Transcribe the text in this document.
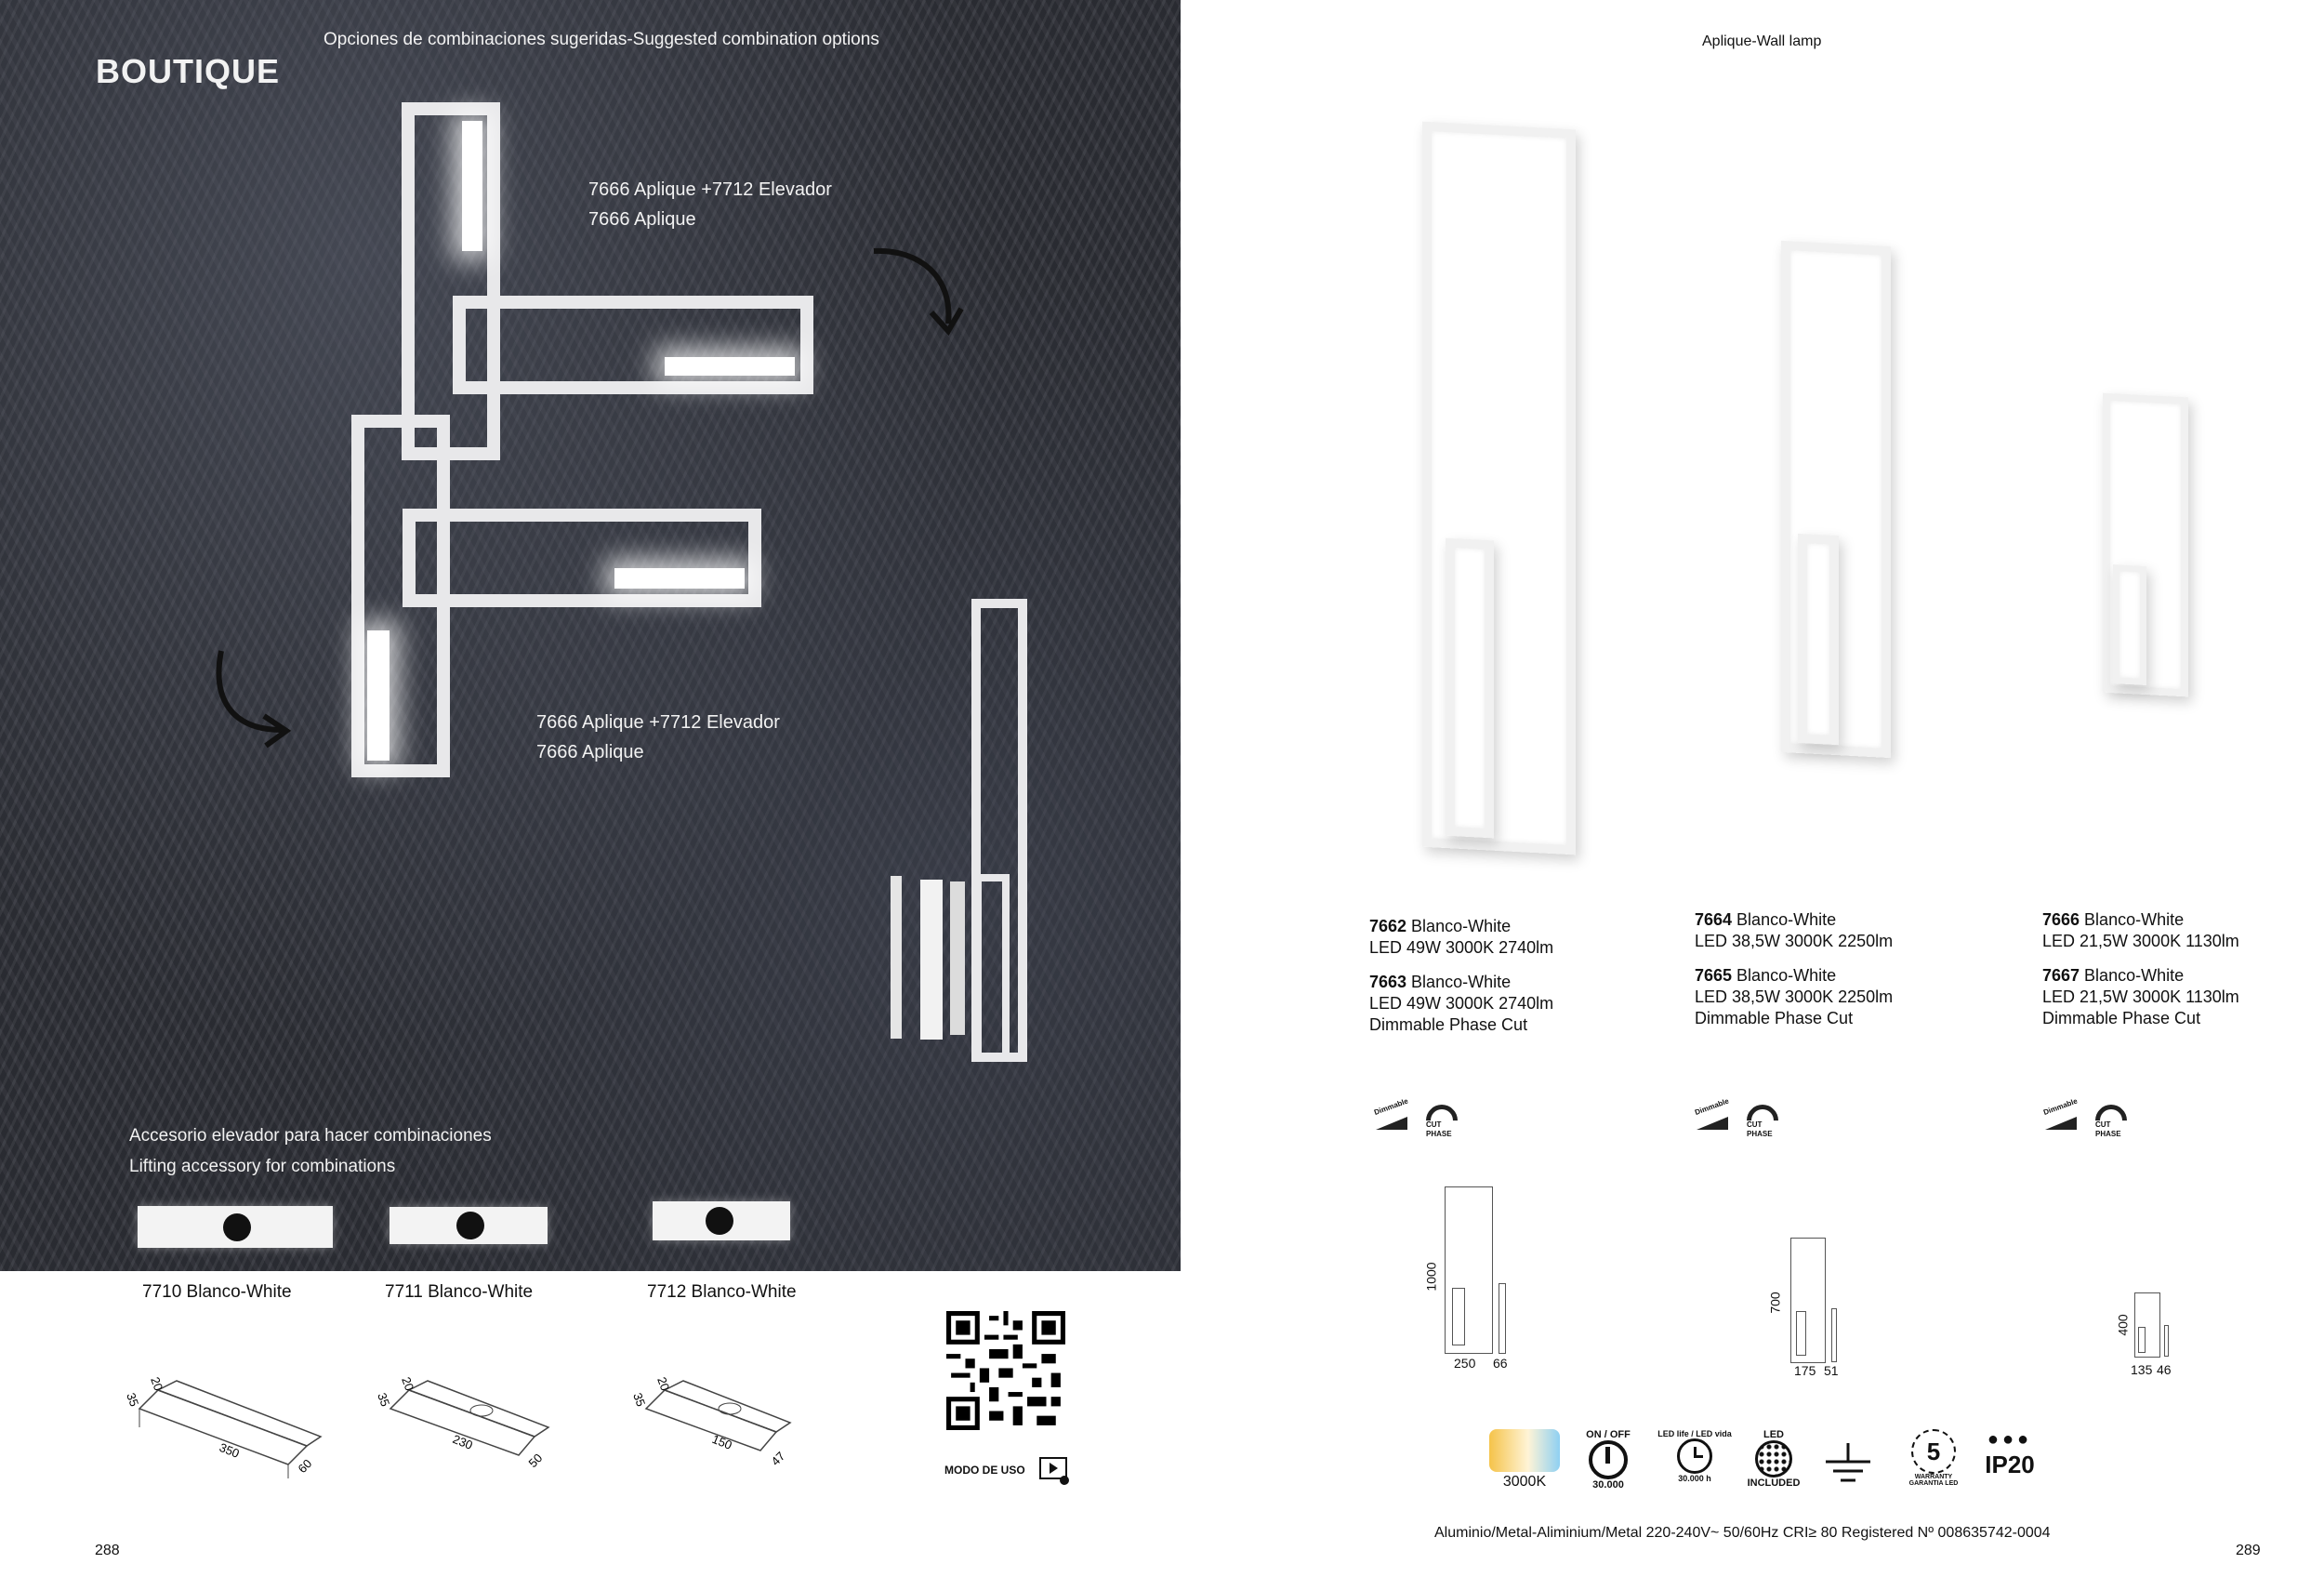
BOUTIQUE
Opciones de combinaciones sugeridas-Suggested combination options
7666 Aplique +7712 Elevador
7666 Aplique
7666 Aplique +7712 Elevador
7666 Aplique
Accesorio elevador para hacer combinaciones
Lifting accessory for combinations
7710 Blanco-White	7711 Blanco-White	7712 Blanco-White
35
20
350
60
35
20
230
50
35
20
150
47
MODO DE USO
288
Aplique-Wall lamp
7662 Blanco-White
LED 49W 3000K 2740lm
7663 Blanco-White
LED 49W 3000K 2740lm
Dimmable Phase Cut
7664 Blanco-White
LED 38,5W 3000K 2250lm
7665 Blanco-White
LED 38,5W 3000K 2250lm
Dimmable Phase Cut
7666 Blanco-White
LED 21,5W 3000K 1130lm
7667 Blanco-White
LED 21,5W 3000K 1130lm
Dimmable Phase Cut
Dimmable
CUT
PHASE
Dimmable
CUT
PHASE
Dimmable
CUT
PHASE
1000
250 66
700
175 51
400
135 46
3000K
ON / OFF
30.000
LED life / LED vida
30.000 h
LED
INCLUDED
5
WARRANTY GARANTIA LED
●●●
IP20
Aluminio/Metal-Aliminium/Metal 220-240V~ 50/60Hz CRI≥ 80 Registered Nº 008635742-0004
289
